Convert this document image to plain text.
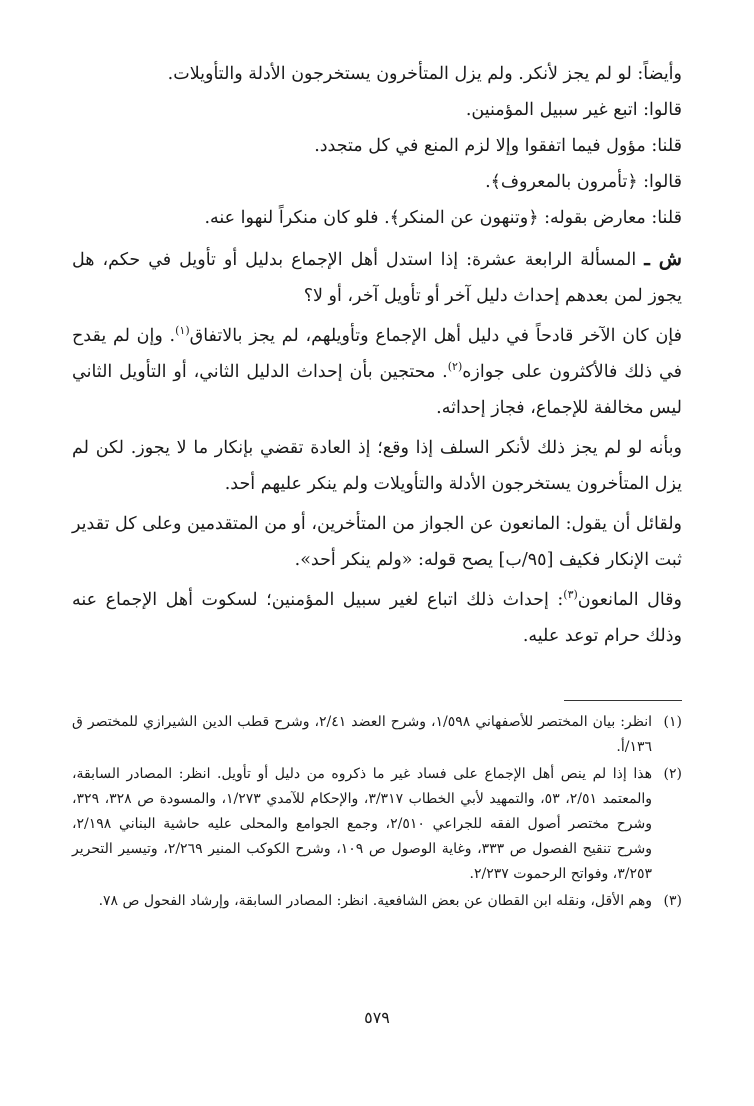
وأيضاً: لو لم يجز لأنكر. ولم يزل المتأخرون يستخرجون الأدلة والتأويلات.

قالوا: اتبع غير سبيل المؤمنين.

قلنا: مؤول فيما اتفقوا وإلا لزم المنع في كل متجدد.

قالوا: ﴿تأمرون بالمعروف﴾.

قلنا: معارض بقوله: ﴿وتنهون عن المنكر﴾. فلو كان منكراً لنهوا عنه.

ش ـ المسألة الرابعة عشرة: إذا استدل أهل الإجماع بدليل أو تأويل في حكم، هل يجوز لمن بعدهم إحداث دليل آخر أو تأويل آخر، أو لا؟

فإن كان الآخر قادحاً في دليل أهل الإجماع وتأويلهم، لم يجز بالاتفاق$^{(١)}$. وإن لم يقدح في ذلك فالأكثرون على جوازه$^{(٢)}$. محتجين بأن إحداث الدليل الثاني، أو التأويل الثاني ليس مخالفة للإجماع، فجاز إحداثه.

وبأنه لو لم يجز ذلك لأنكر السلف إذا وقع؛ إذ العادة تقضي بإنكار ما لا يجوز. لكن لم يزل المتأخرون يستخرجون الأدلة والتأويلات ولم ينكر عليهم أحد.

ولقائل أن يقول: المانعون عن الجواز من المتأخرين، أو من المتقدمين وعلى كل تقدير ثبت الإنكار فكيف [٩٥/ب] يصح قوله: «ولم ينكر أحد».

وقال المانعون$^{(٣)}$: إحداث ذلك اتباع لغير سبيل المؤمنين؛ لسكوت أهل الإجماع عنه وذلك حرام توعد عليه.

(١)
انظر: بيان المختصر للأصفهاني ١/٥٩٨، وشرح العضد ٢/٤١، وشرح قطب الدين الشيرازي للمختصر ق ١٣٦/أ.
(٢)
هذا إذا لم ينص أهل الإجماع على فساد غير ما ذكروه من دليل أو تأويل. انظر: المصادر السابقة، والمعتمد ٢/٥١، ٥٣، والتمهيد لأبي الخطاب ٣/٣١٧، والإحكام للآمدي ١/٢٧٣، والمسودة ص ٣٢٨، ٣٢٩، وشرح مختصر أصول الفقه للجراعي ٢/٥١٠، وجمع الجوامع والمحلى عليه حاشية البناني ٢/١٩٨، وشرح تنقيح الفصول ص ٣٣٣، وغاية الوصول ص ١٠٩، وشرح الكوكب المنير ٢/٢٦٩، وتيسير التحرير ٣/٢٥٣، وفواتح الرحموت ٢/٢٣٧.
(٣)
وهم الأقل، ونقله ابن القطان عن بعض الشافعية. انظر: المصادر السابقة، وإرشاد الفحول ص ٧٨.
٥٧٩
